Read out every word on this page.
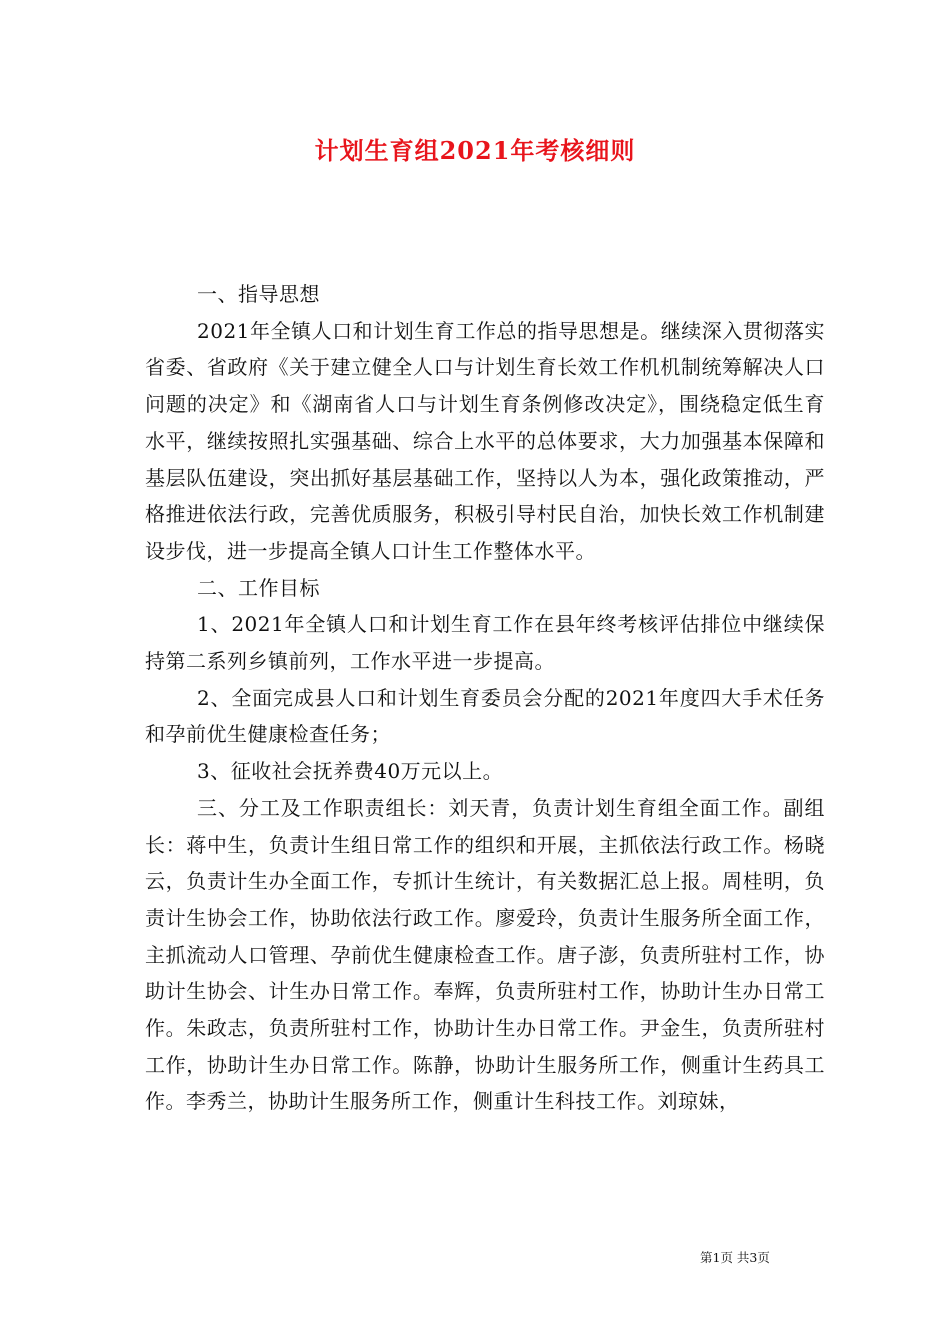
计划生育组2021年考核细则

一、指导思想

2021年全镇人口和计划生育工作总的指导思想是。继续深入贯彻落实省委、省政府《关于建立健全人口与计划生育长效工作机机制统筹解决人口问题的决定》和《湖南省人口与计划生育条例修改决定》，围绕稳定低生育水平，继续按照扎实强基础、综合上水平的总体要求，大力加强基本保障和基层队伍建设，突出抓好基层基础工作，坚持以人为本，强化政策推动，严格推进依法行政，完善优质服务，积极引导村民自治，加快长效工作机制建设步伐，进一步提高全镇人口计生工作整体水平。

二、工作目标

1、2021年全镇人口和计划生育工作在县年终考核评估排位中继续保持第二系列乡镇前列，工作水平进一步提高。

2、全面完成县人口和计划生育委员会分配的2021年度四大手术任务和孕前优生健康检查任务；

3、征收社会抚养费40万元以上。

三、分工及工作职责组长：刘天青，负责计划生育组全面工作。副组长：蒋中生，负责计生组日常工作的组织和开展，主抓依法行政工作。杨晓云，负责计生办全面工作，专抓计生统计，有关数据汇总上报。周桂明，负责计生协会工作，协助依法行政工作。廖爱玲，负责计生服务所全面工作，主抓流动人口管理、孕前优生健康检查工作。唐子澎，负责所驻村工作，协助计生协会、计生办日常工作。奉辉，负责所驻村工作，协助计生办日常工作。朱政志，负责所驻村工作，协助计生办日常工作。尹金生，负责所驻村工作，协助计生办日常工作。陈静，协助计生服务所工作，侧重计生药具工作。李秀兰，协助计生服务所工作，侧重计生科技工作。刘琼妹，

第1页 共3页
